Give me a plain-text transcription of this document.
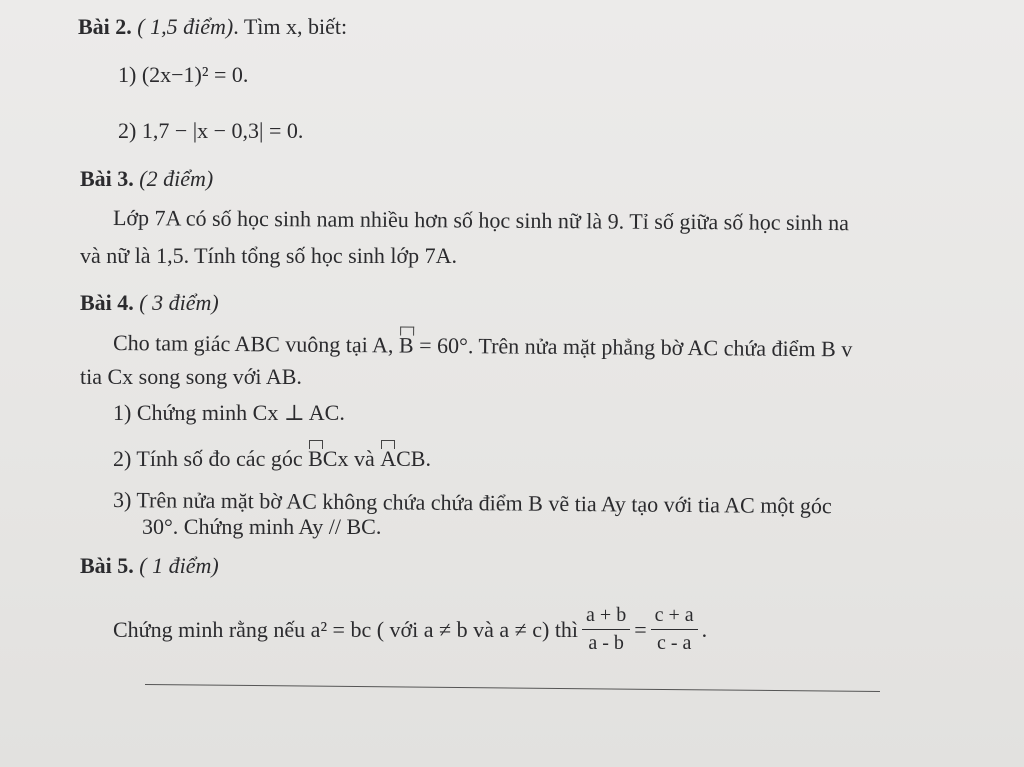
Bài 2. ( 1,5 điểm). Tìm x, biết:
1) (2x−1)² = 0.
2) 1,7 − |x − 0,3| = 0.
Bài 3. (2 điểm)
Lớp 7A có số học sinh nam nhiều hơn số học sinh nữ là 9. Tỉ số giữa số học sinh na
và nữ là 1,5. Tính tổng số học sinh lớp 7A.
Bài 4. ( 3 điểm)
Cho tam giác ABC vuông tại A, B = 60°. Trên nửa mặt phẳng bờ AC chứa điểm B v
tia Cx song song với AB.
1) Chứng minh Cx ⊥ AC.
2) Tính số đo các góc BCx và ACB.
3) Trên nửa mặt bờ AC không chứa chứa điểm B vẽ tia Ay tạo với tia AC một góc
30°. Chứng minh Ay // BC.
Bài 5. ( 1 điểm)
Chứng minh rằng nếu a² = bc ( với a ≠ b và a ≠ c) thì $\frac{a + b}{a - b} = \frac{c + a}{c - a}$ .
